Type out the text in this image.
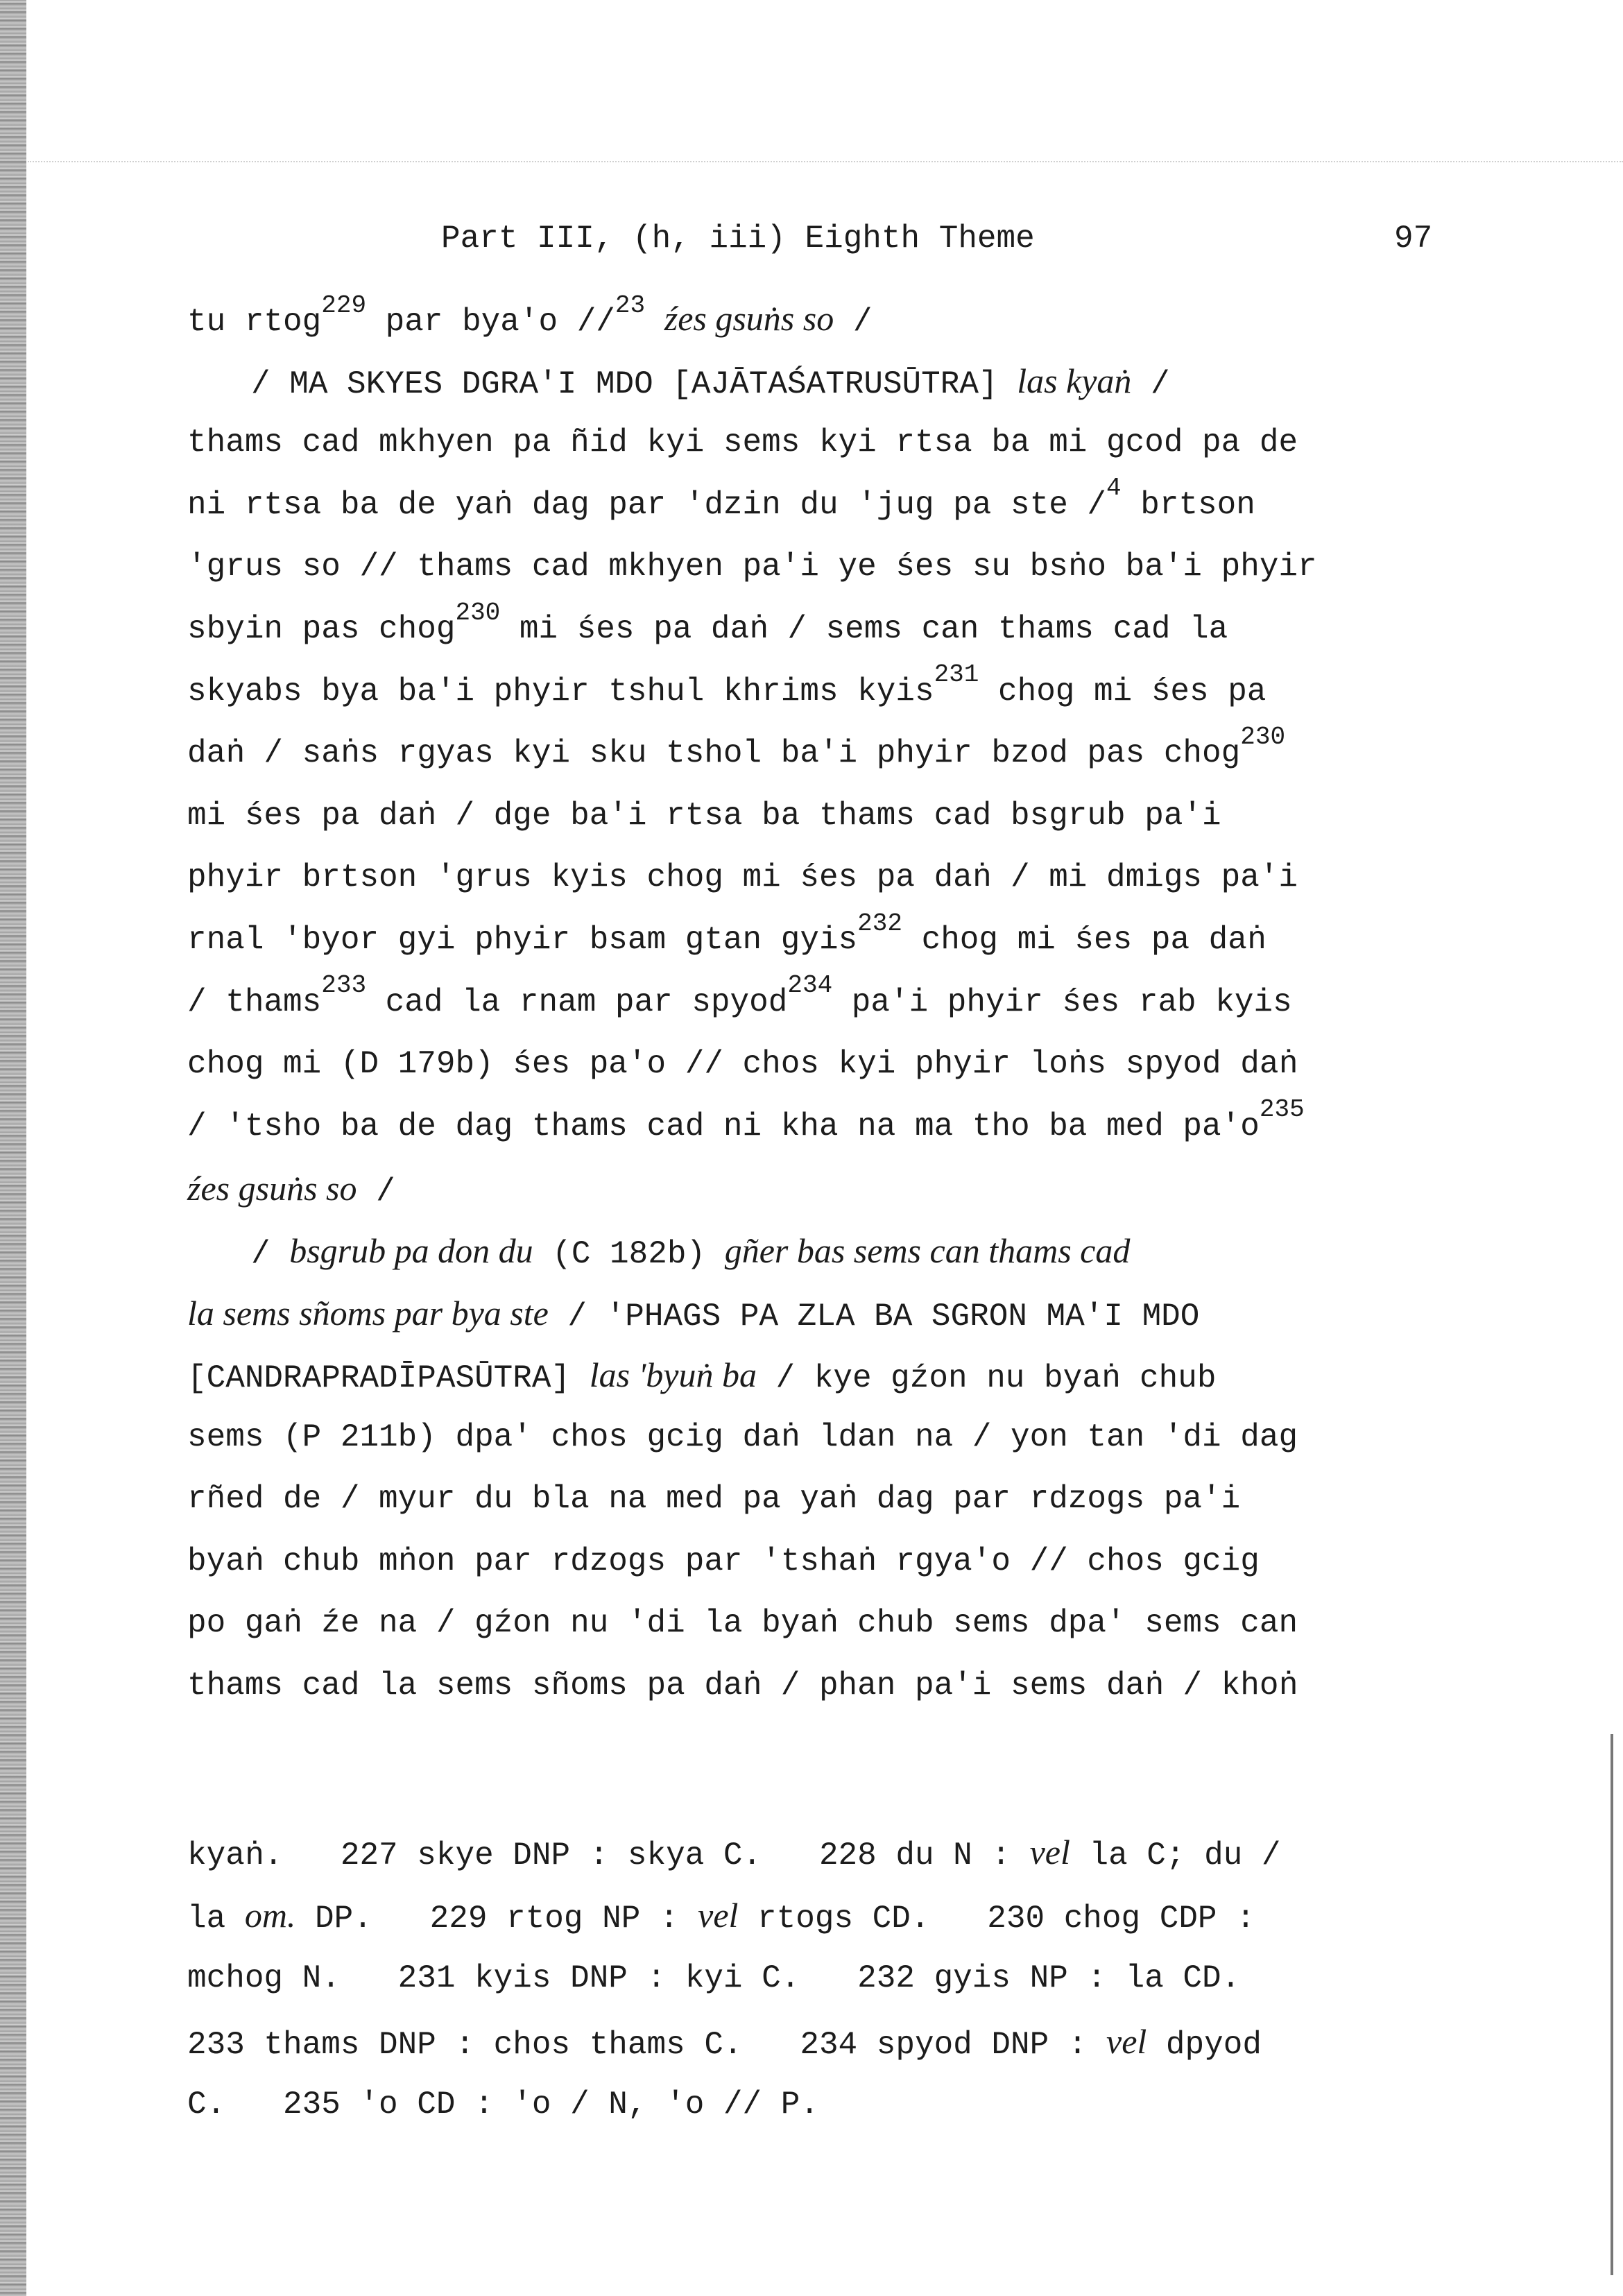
Part III, (h, iii) Eighth Theme	97
tu rtog$^{229}$ par bya'o //$^{23}$ źes gsuṅs so /
/ MA SKYES DGRA'I MDO [AJĀTAŚATRUSŪTRA] las kyaṅ /
thams cad mkhyen pa ñid kyi sems kyi rtsa ba mi gcod pa de
ni rtsa ba de yaṅ dag par 'dzin du 'jug pa ste /$^4$ brtson
'grus so // thams cad mkhyen pa'i ye śes su bsṅo ba'i phyir
sbyin pas chog$^{230}$ mi śes pa daṅ / sems can thams cad la
skyabs bya ba'i phyir tshul khrims kyis$^{231}$ chog mi śes pa
daṅ / saṅs rgyas kyi sku tshol ba'i phyir bzod pas chog$^{230}$
mi śes pa daṅ / dge ba'i rtsa ba thams cad bsgrub pa'i
phyir brtson 'grus kyis chog mi śes pa daṅ / mi dmigs pa'i
rnal 'byor gyi phyir bsam gtan gyis$^{232}$ chog mi śes pa daṅ
/ thams$^{233}$ cad la rnam par spyod$^{234}$ pa'i phyir śes rab kyis
chog mi (D 179b) śes pa'o // chos kyi phyir loṅs spyod daṅ
/ 'tsho ba de dag thams cad ni kha na ma tho ba med $pa'o^{235}$
źes gsuṅs so /
/ bsgrub pa don du (C 182b) gñer bas sems can thams cad
la sems sñoms par bya ste / 'PHAGS PA ZLA BA SGRON MA'I MDO
[CANDRAPRADĪPASŪTRA] las 'byuṅ ba / kye gźon nu byaṅ chub
sems (P 211b) dpa' chos gcig daṅ ldan na / yon tan 'di dag
rñed de / myur du bla na med pa yaṅ dag par rdzogs pa'i
byaṅ chub mṅon par rdzogs par 'tshaṅ rgya'o // chos gcig
po gaṅ źe na / gźon nu 'di la byaṅ chub sems dpa' sems can
thams cad la sems sñoms pa daṅ / phan pa'i sems daṅ / khoṅ
kyaṅ.   227 skye DNP : skya C.   228 du N : vel la C; du /
la om. DP.   229 rtog NP : vel rtogs CD.   230 chog CDP :
mchog N.   231 kyis DNP : kyi C.   232 gyis NP : la CD.
233 thams DNP : chos thams C.   234 spyod DNP : vel dpyod
C.   235 'o CD : 'o / N, 'o // P.
